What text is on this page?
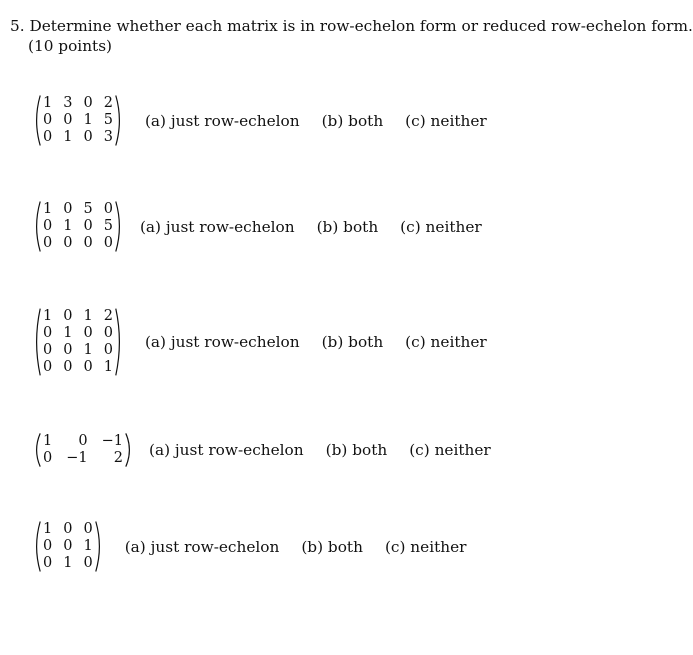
5. Determine whether each matrix is in row-echelon form or reduced row-echelon form.
(10 points)
1 3 0 2
0 0 1 5
0 1 0 3
(a) just row-echelon (b) both (c) neither
1 0 5 0
0 1 0 5
0 0 0 0
(a) just row-echelon (b) both (c) neither
1 0 1 2
0 1 0 0
0 0 1 0
0 0 0 1
(a) just row-echelon (b) both (c) neither
1	0 −1
0 −1	2 (a) just row-echelon (b) both (c) neither
1 0 0
0 0 1
0 1 0
(a) just row-echelon (b) both (c) neither
